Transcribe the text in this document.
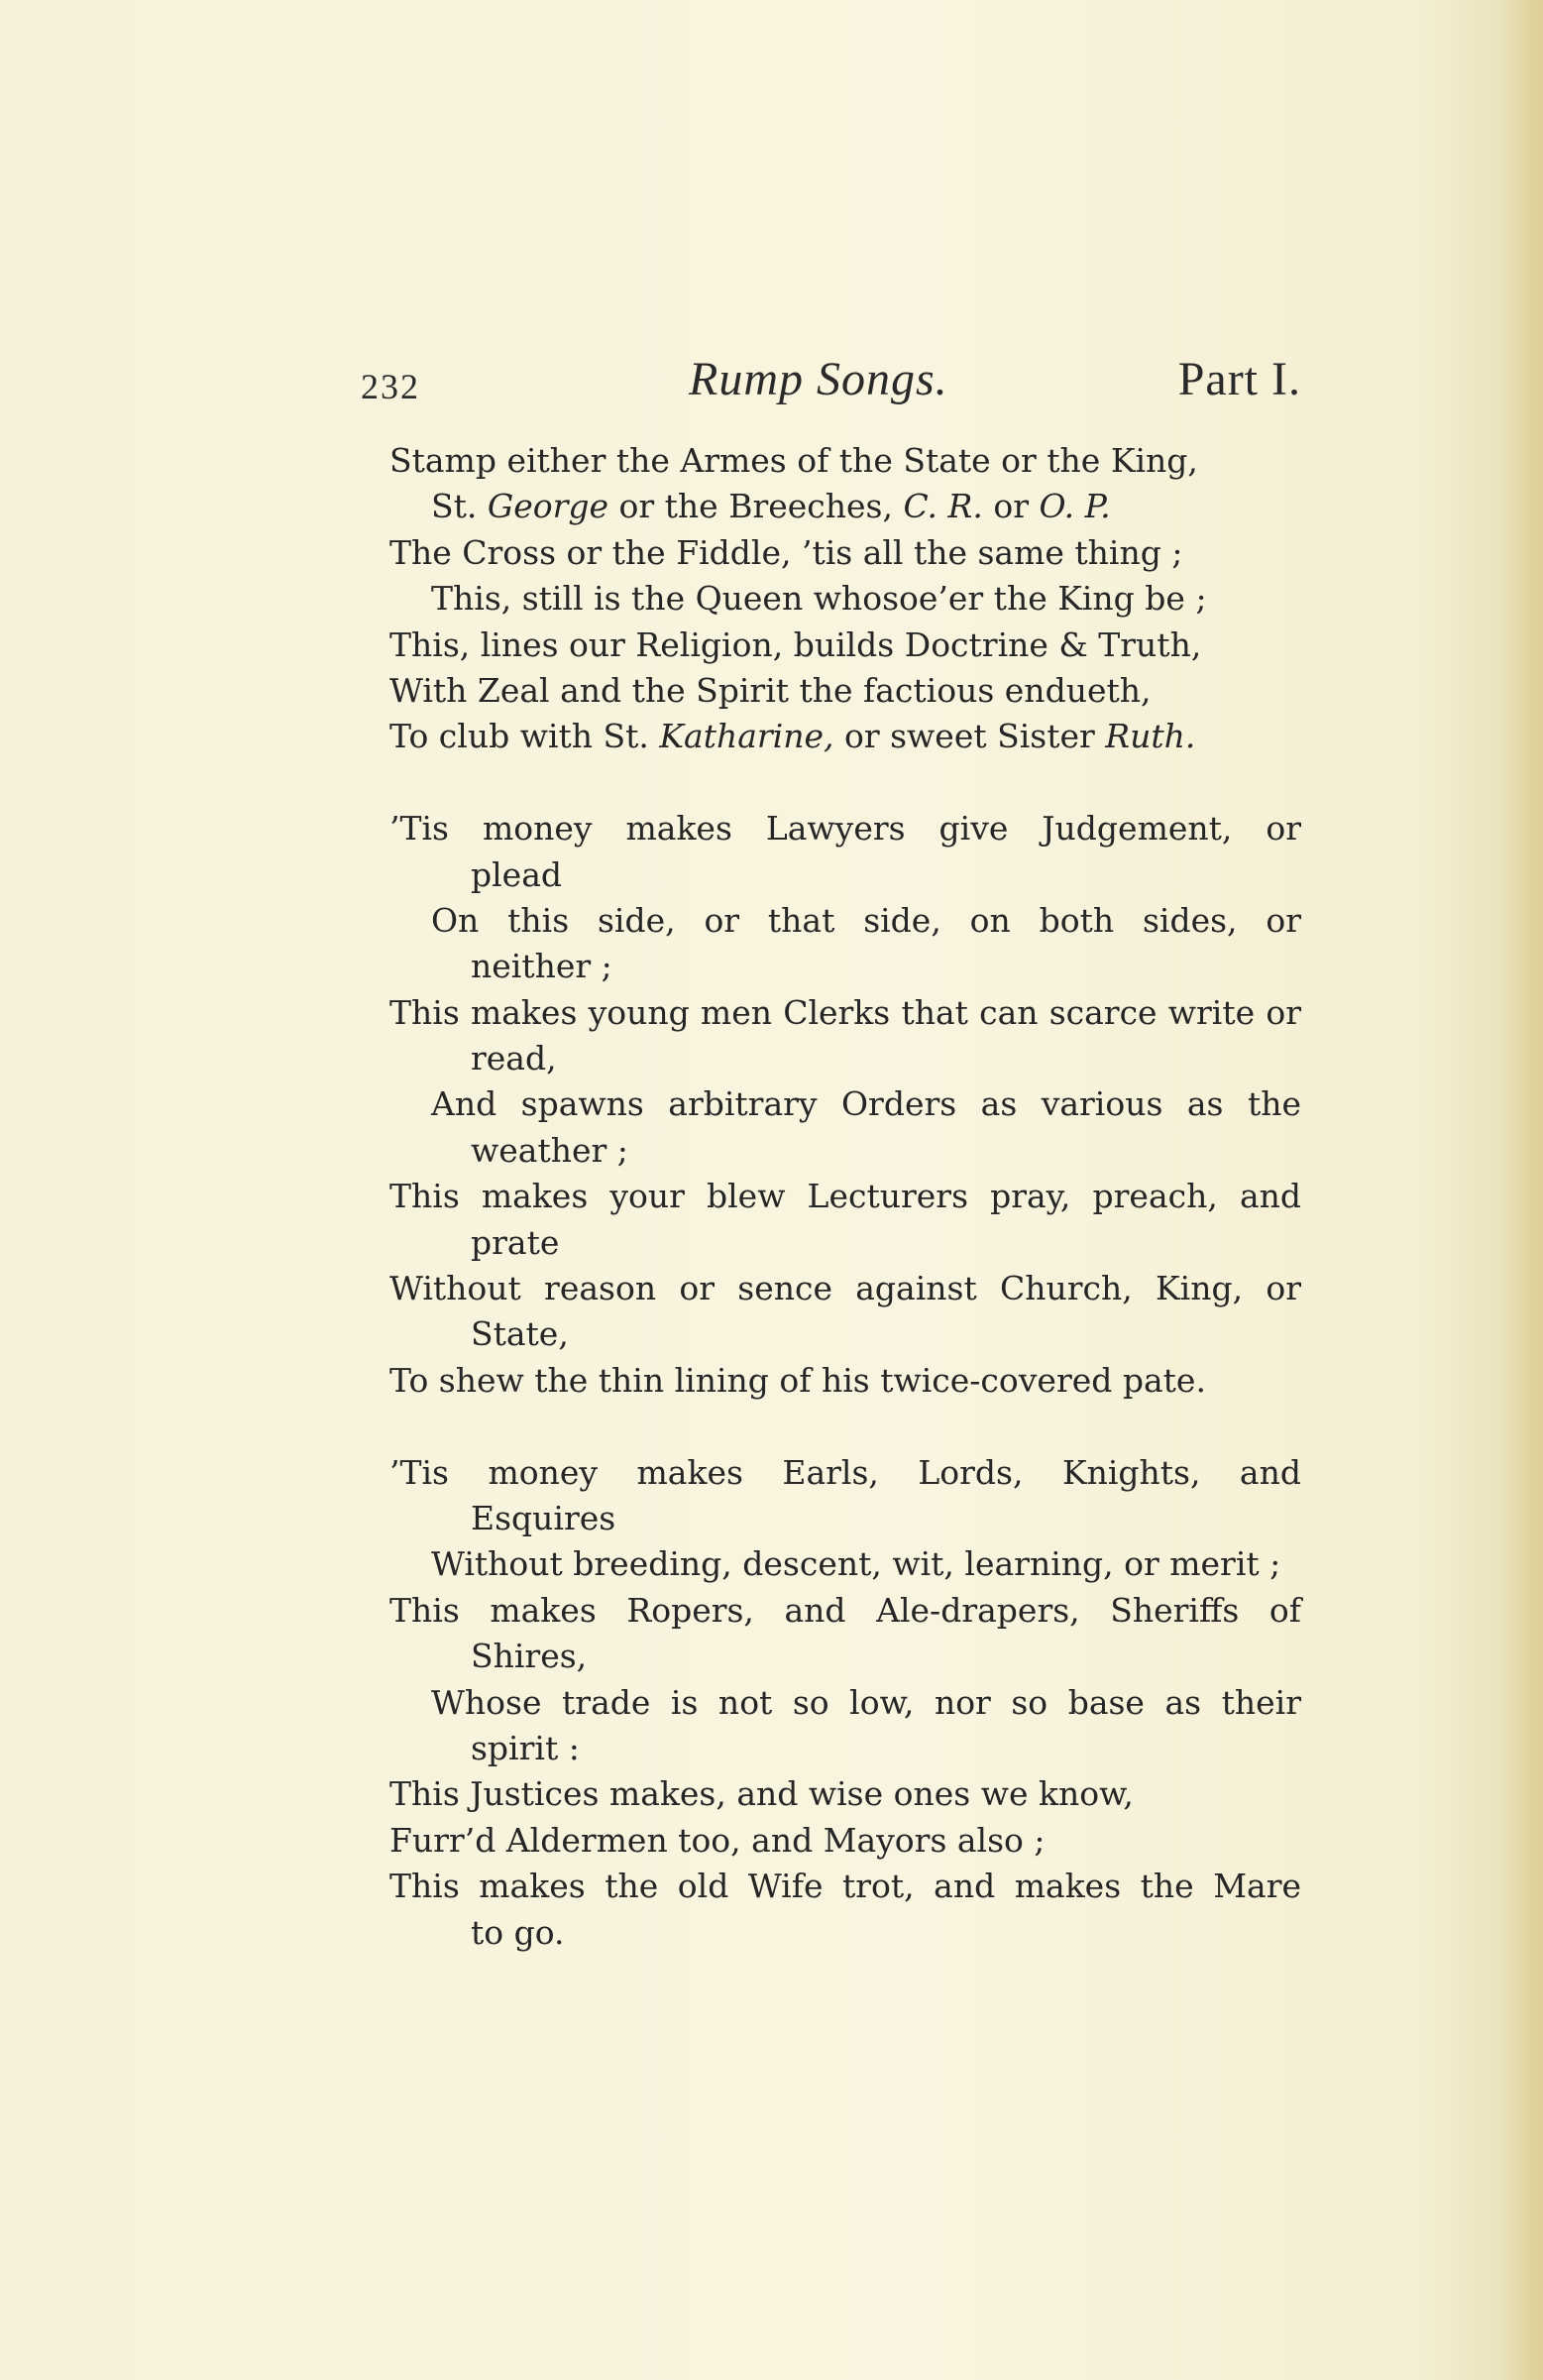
232	Rump Songs.	Part I.
Stamp either the Armes of the State or the King,
St. George or the Breeches, C. R. or O. P.
The Cross or the Fiddle, ’tis all the same thing ;
This, still is the Queen whosoe’er the King be ;
This, lines our Religion, builds Doctrine & Truth,
With Zeal and the Spirit the factious endueth,
To club with St. Katharine, or sweet Sister Ruth.
’Tis money makes Lawyers give Judgement, or
plead
On this side, or that side, on both sides, or
neither ;
This makes young men Clerks that can scarce write or
read,
And spawns arbitrary Orders as various as the
weather ;
This makes your blew Lecturers pray, preach, and
prate
Without reason or sence against Church, King, or
State,
To shew the thin lining of his twice-covered pate.
’Tis money makes Earls, Lords, Knights, and
Esquires
Without breeding, descent, wit, learning, or merit ;
This makes Ropers, and Ale-drapers, Sheriffs of
Shires,
Whose trade is not so low, nor so base as their
spirit :
This Justices makes, and wise ones we know,
Furr’d Aldermen too, and Mayors also ;
This makes the old Wife trot, and makes the Mare
to go.
